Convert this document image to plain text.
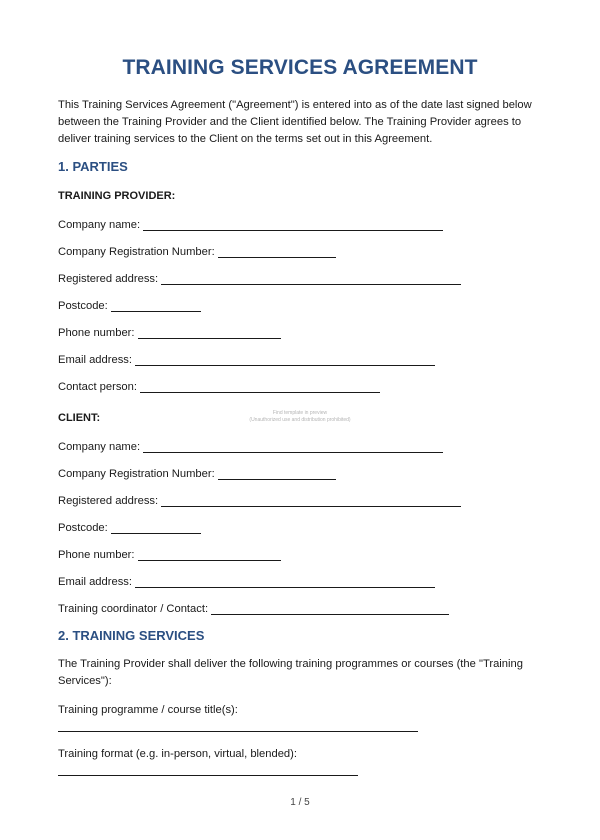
TRAINING SERVICES AGREEMENT
This Training Services Agreement ("Agreement") is entered into as of the date last signed below between the Training Provider and the Client identified below. The Training Provider agrees to deliver training services to the Client on the terms set out in this Agreement.
1. PARTIES
TRAINING PROVIDER:
Company name:
Company Registration Number:
Registered address:
Postcode:
Phone number:
Email address:
Contact person:
CLIENT:	Find template in preview
(Unauthorized use and distribution prohibited)
Company name:
Company Registration Number:
Registered address:
Postcode:
Phone number:
Email address:
Training coordinator / Contact:
2. TRAINING SERVICES
The Training Provider shall deliver the following training programmes or courses (the "Training Services"):
Training programme / course title(s):
Training format (e.g. in-person, virtual, blended):
1 / 5
